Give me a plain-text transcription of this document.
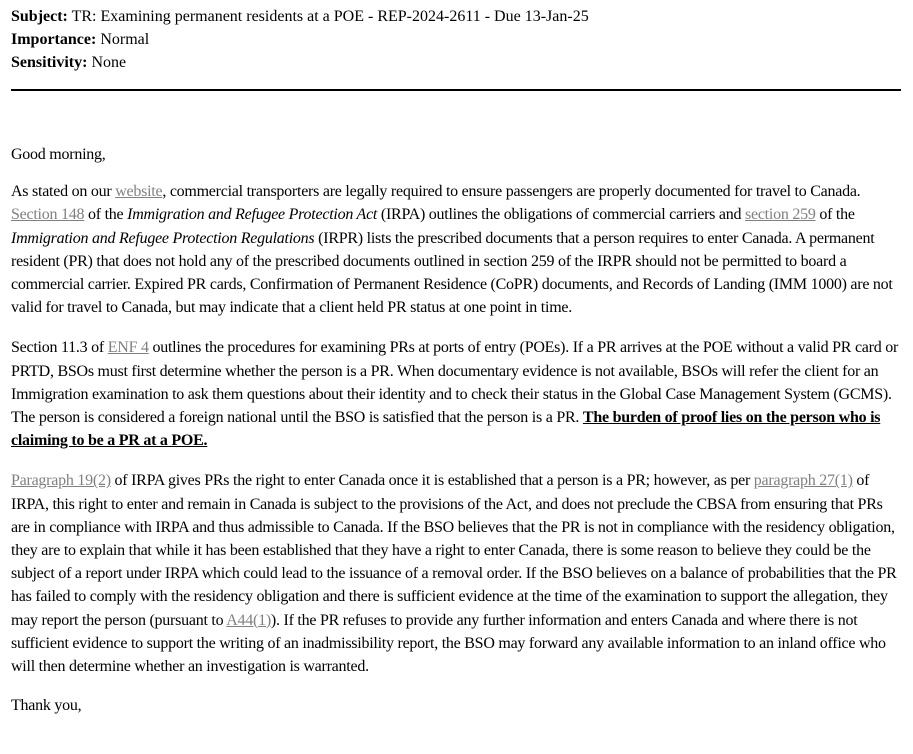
Subject: TR: Examining permanent residents at a POE - REP-2024-2611 - Due 13-Jan-25
Importance: Normal
Sensitivity: None

Good morning,

As stated on our website, commercial transporters are legally required to ensure passengers are properly documented for travel to Canada. Section 148 of the Immigration and Refugee Protection Act (IRPA) outlines the obligations of commercial carriers and section 259 of the Immigration and Refugee Protection Regulations (IRPR) lists the prescribed documents that a person requires to enter Canada. A permanent resident (PR) that does not hold any of the prescribed documents outlined in section 259 of the IRPR should not be permitted to board a commercial carrier. Expired PR cards, Confirmation of Permanent Residence (CoPR) documents, and Records of Landing (IMM 1000) are not valid for travel to Canada, but may indicate that a client held PR status at one point in time.

Section 11.3 of ENF 4 outlines the procedures for examining PRs at ports of entry (POEs). If a PR arrives at the POE without a valid PR card or PRTD, BSOs must first determine whether the person is a PR. When documentary evidence is not available, BSOs will refer the client for an Immigration examination to ask them questions about their identity and to check their status in the Global Case Management System (GCMS). The person is considered a foreign national until the BSO is satisfied that the person is a PR. The burden of proof lies on the person who is claiming to be a PR at a POE.

Paragraph 19(2) of IRPA gives PRs the right to enter Canada once it is established that a person is a PR; however, as per paragraph 27(1) of IRPA, this right to enter and remain in Canada is subject to the provisions of the Act, and does not preclude the CBSA from ensuring that PRs are in compliance with IRPA and thus admissible to Canada. If the BSO believes that the PR is not in compliance with the residency obligation, they are to explain that while it has been established that they have a right to enter Canada, there is some reason to believe they could be the subject of a report under IRPA which could lead to the issuance of a removal order. If the BSO believes on a balance of probabilities that the PR has failed to comply with the residency obligation and there is sufficient evidence at the time of the examination to support the allegation, they may report the person (pursuant to A44(1)). If the PR refuses to provide any further information and enters Canada and where there is not sufficient evidence to support the writing of an inadmissibility report, the BSO may forward any available information to an inland office who will then determine whether an investigation is warranted.

Thank you,
